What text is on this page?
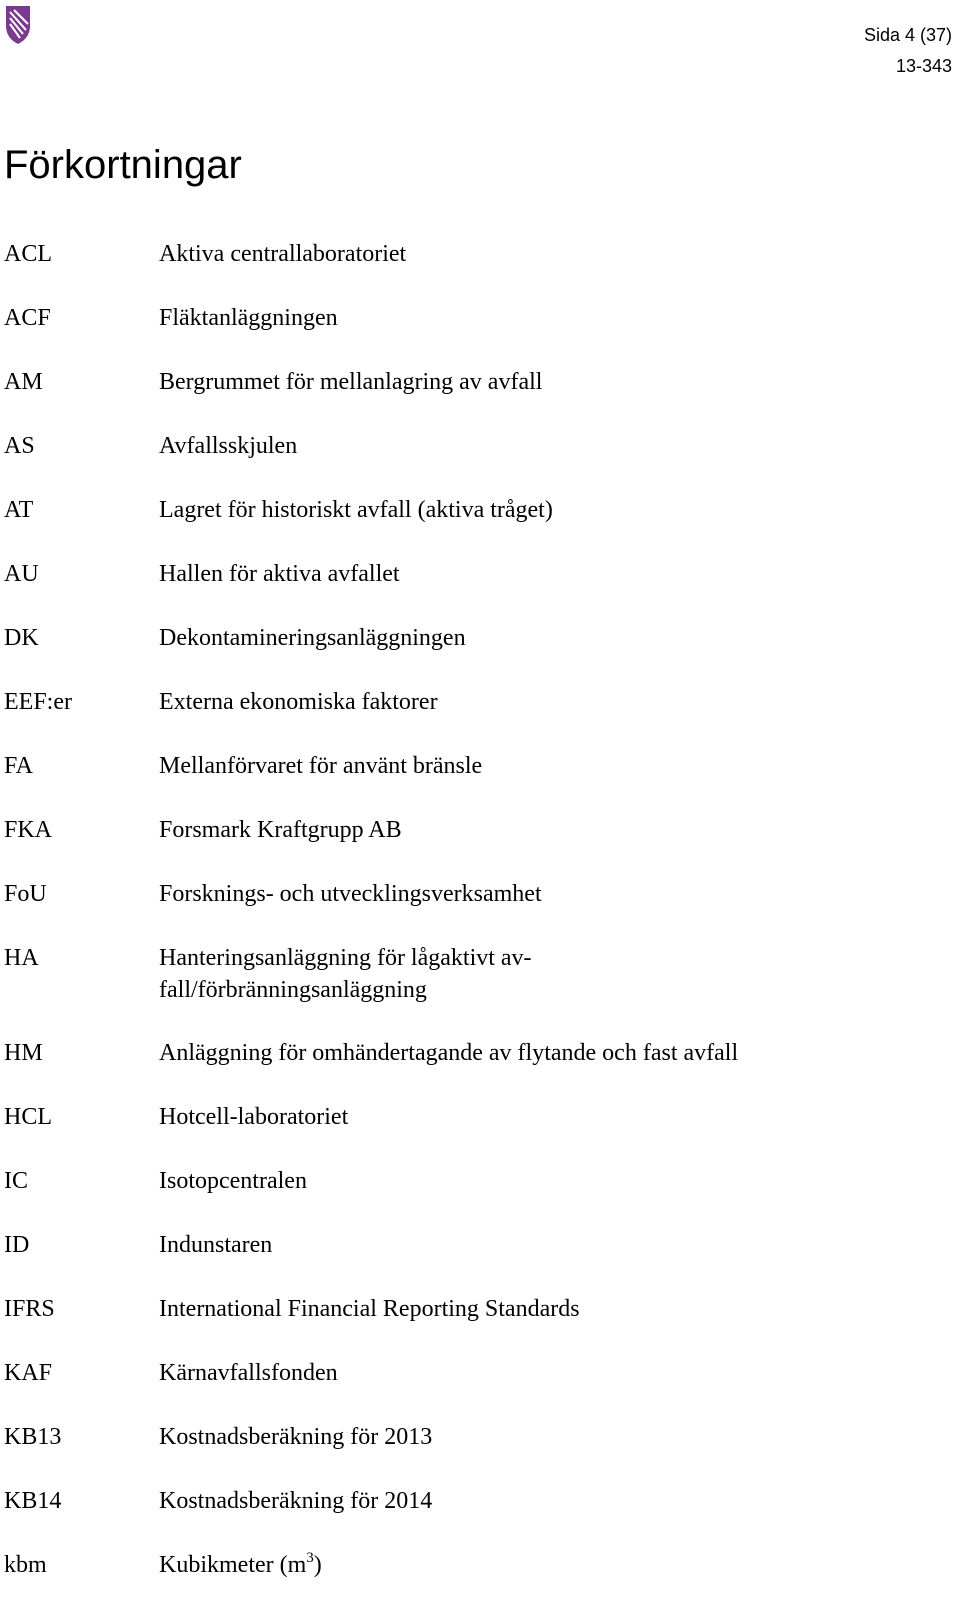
Sida 4 (37)
13-343
Förkortningar
ACL	Aktiva centrallaboratoriet
ACF	Fläktanläggningen
AM	Bergrummet för mellanlagring av avfall
AS	Avfallsskjulen
AT	Lagret för historiskt avfall (aktiva tråget)
AU	Hallen för aktiva avfallet
DK	Dekontamineringsanläggningen
EEF:er	Externa ekonomiska faktorer
FA	Mellanförvaret för använt bränsle
FKA	Forsmark Kraftgrupp AB
FoU	Forsknings- och utvecklingsverksamhet
HA	Hanteringsanläggning för lågaktivt av-fall/förbränningsanläggning
HM	Anläggning för omhändertagande av flytande och fast avfall
HCL	Hotcell-laboratoriet
IC	Isotopcentralen
ID	Indunstaren
IFRS	International Financial Reporting Standards
KAF	Kärnavfallsfonden
KB13	Kostnadsberäkning för 2013
KB14	Kostnadsberäkning för 2014
kbm	Kubikmeter $(m^3)$
